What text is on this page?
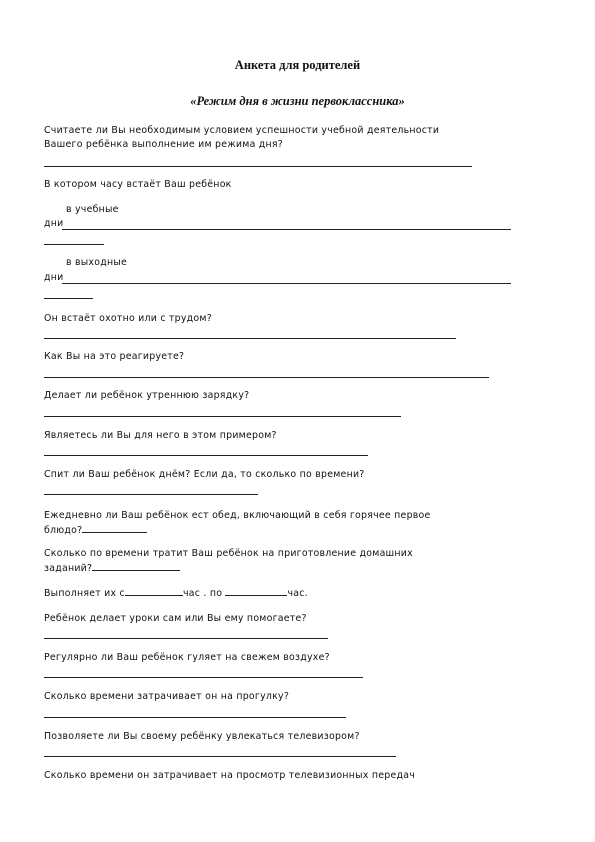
Анкета для родителей
«Режим дня в жизни первоклассника»
Считаете ли Вы необходимым условием успешности учебной деятельности
Вашего ребёнка выполнение им режима дня?
В котором часу встаёт Ваш ребёнок
в учебные
дни
в выходные
дни
Он встаёт охотно или с трудом?
Как Вы на это реагируете?
Делает ли ребёнок утреннюю зарядку?
Являетесь ли Вы для него в этом примером?
Спит ли Ваш ребёнок днём? Если да, то сколько по времени?
Ежедневно ли Ваш ребёнок ест обед, включающий в себя горячее первое
блюдо?
Сколько по времени тратит Ваш ребёнок на приготовление домашних
заданий?
Выполняет их с	час . по	час.
Ребёнок делает уроки сам или Вы ему помогаете?
Регулярно ли Ваш ребёнок гуляет на свежем воздухе?
Сколько времени затрачивает он на прогулку?
Позволяете ли Вы своему ребёнку увлекаться телевизором?
Сколько времени он затрачивает на просмотр телевизионных передач
